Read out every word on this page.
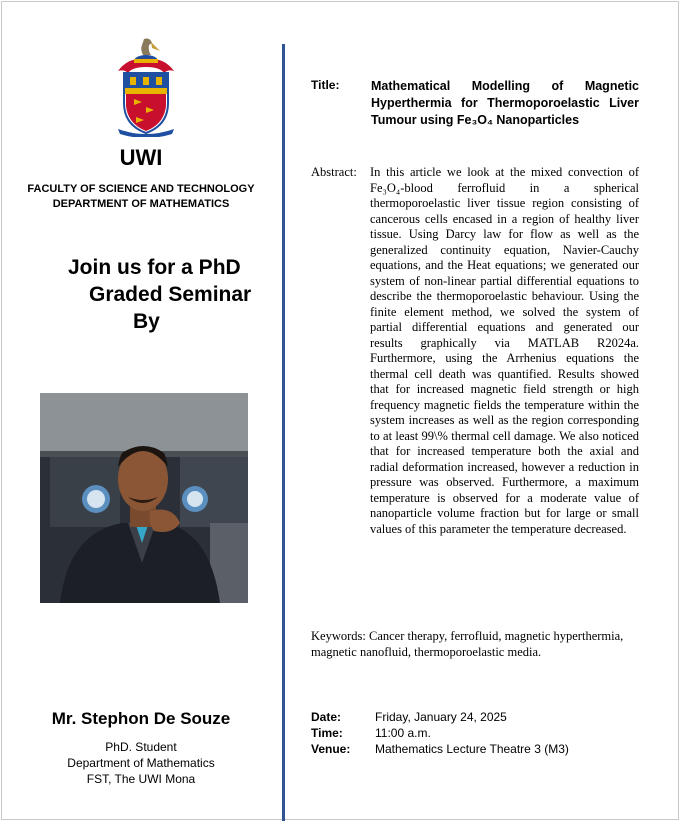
UWI
FACULTY OF SCIENCE AND TECHNOLOGY
DEPARTMENT OF MATHEMATICS
Join us for a PhD
Graded Seminar
By
Mr. Stephon De Souze
PhD. Student
Department of Mathematics
FST, The UWI Mona
Title:	Mathematical Modelling of Magnetic Hyperthermia for Thermoporoelastic Liver Tumour using Fe₃O₄ Nanoparticles
Abstract: In this article we look at the mixed convection of Fe₃O₄-blood ferrofluid in a spherical thermoporoelastic liver tissue region consisting of cancerous cells encased in a region of healthy liver tissue. Using Darcy law for flow as well as the generalized continuity equation, Navier-Cauchy equations, and the Heat equations; we generated our system of non-linear partial differential equations to describe the thermoporoelastic behaviour. Using the finite element method, we solved the system of partial differential equations and generated our results graphically via MATLAB R2024a. Furthermore, using the Arrhenius equations the thermal cell death was quantified. Results showed that for increased magnetic field strength or high frequency magnetic fields the temperature within the system increases as well as the region corresponding to at least 99\% thermal cell damage. We also noticed that for increased temperature both the axial and radial deformation increased, however a reduction in pressure was observed. Furthermore, a maximum temperature is observed for a moderate value of nanoparticle volume fraction but for large or small values of this parameter the temperature decreased.
Keywords: Cancer therapy, ferrofluid, magnetic hyperthermia, magnetic nanofluid, thermoporoelastic media.
Date:	Friday, January 24, 2025
Time:	11:00 a.m.
Venue: Mathematics Lecture Theatre 3 (M3)
